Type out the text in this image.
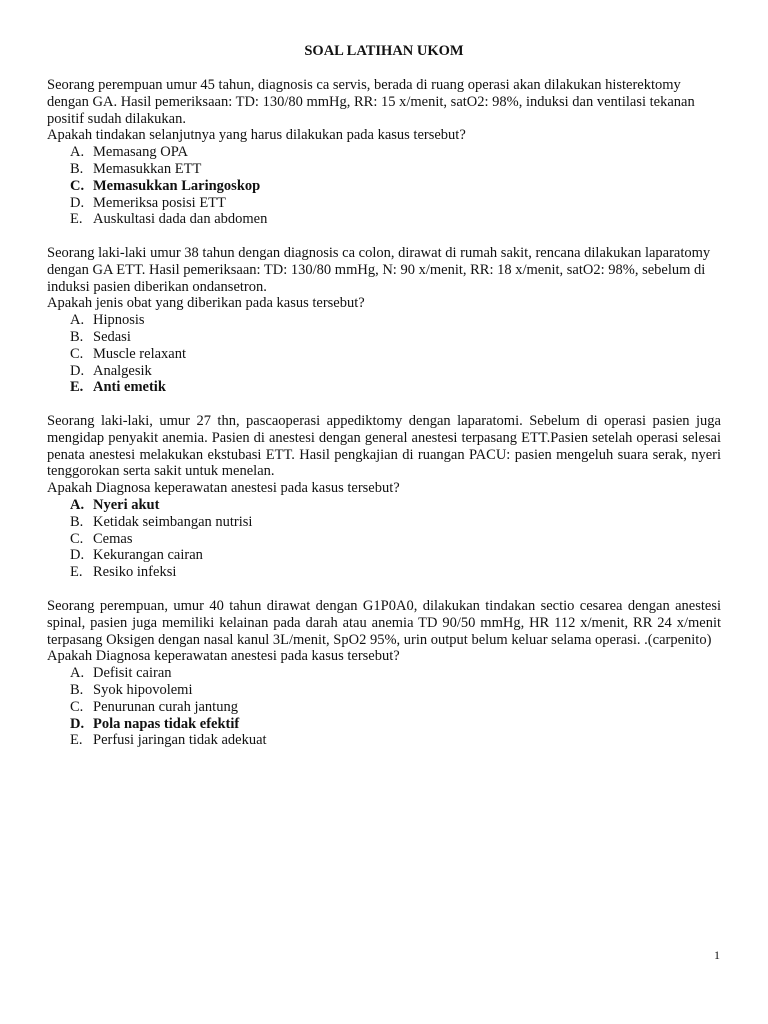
SOAL LATIHAN UKOM

Seorang perempuan umur 45 tahun, diagnosis ca servis, berada di ruang operasi akan dilakukan histerektomy dengan GA. Hasil pemeriksaan: TD: 130/80 mmHg, RR: 15 x/menit, satO2: 98%, induksi dan ventilasi tekanan positif sudah dilakukan.

Apakah tindakan selanjutnya yang harus dilakukan pada kasus tersebut?

A. Memasang OPA
B. Memasukkan ETT
C. Memasukkan Laringoskop
D. Memeriksa posisi ETT
E. Auskultasi dada dan abdomen

Seorang laki-laki umur 38 tahun dengan diagnosis ca colon, dirawat di rumah sakit, rencana dilakukan laparatomy dengan GA ETT. Hasil pemeriksaan: TD: 130/80 mmHg, N: 90 x/menit, RR: 18 x/menit, satO2: 98%, sebelum di induksi pasien diberikan ondansetron.

Apakah jenis obat yang diberikan pada kasus tersebut?

A. Hipnosis
B. Sedasi
C. Muscle relaxant
D. Analgesik
E. Anti emetik

Seorang laki-laki, umur 27 thn, pascaoperasi appediktomy dengan laparatomi. Sebelum di operasi pasien juga mengidap penyakit anemia. Pasien di anestesi dengan general anestesi terpasang ETT.Pasien setelah operasi selesai penata anestesi melakukan ekstubasi ETT. Hasil pengkajian di ruangan PACU: pasien mengeluh suara serak, nyeri tenggorokan serta sakit untuk menelan.

Apakah Diagnosa keperawatan anestesi pada kasus tersebut?

A. Nyeri akut
B. Ketidak seimbangan nutrisi
C. Cemas
D. Kekurangan cairan
E. Resiko infeksi

Seorang perempuan, umur 40 tahun dirawat dengan G1P0A0, dilakukan tindakan sectio cesarea dengan anestesi spinal, pasien juga memiliki kelainan pada darah atau anemia TD 90/50 mmHg, HR 112 x/menit, RR 24 x/menit terpasang Oksigen dengan nasal kanul 3L/menit, SpO2 95%, urin output belum keluar selama operasi. .(carpenito)

Apakah Diagnosa keperawatan anestesi pada kasus tersebut?

A. Defisit cairan
B. Syok hipovolemi
C. Penurunan curah jantung
D. Pola napas tidak efektif
E. Perfusi jaringan tidak adekuat
1
